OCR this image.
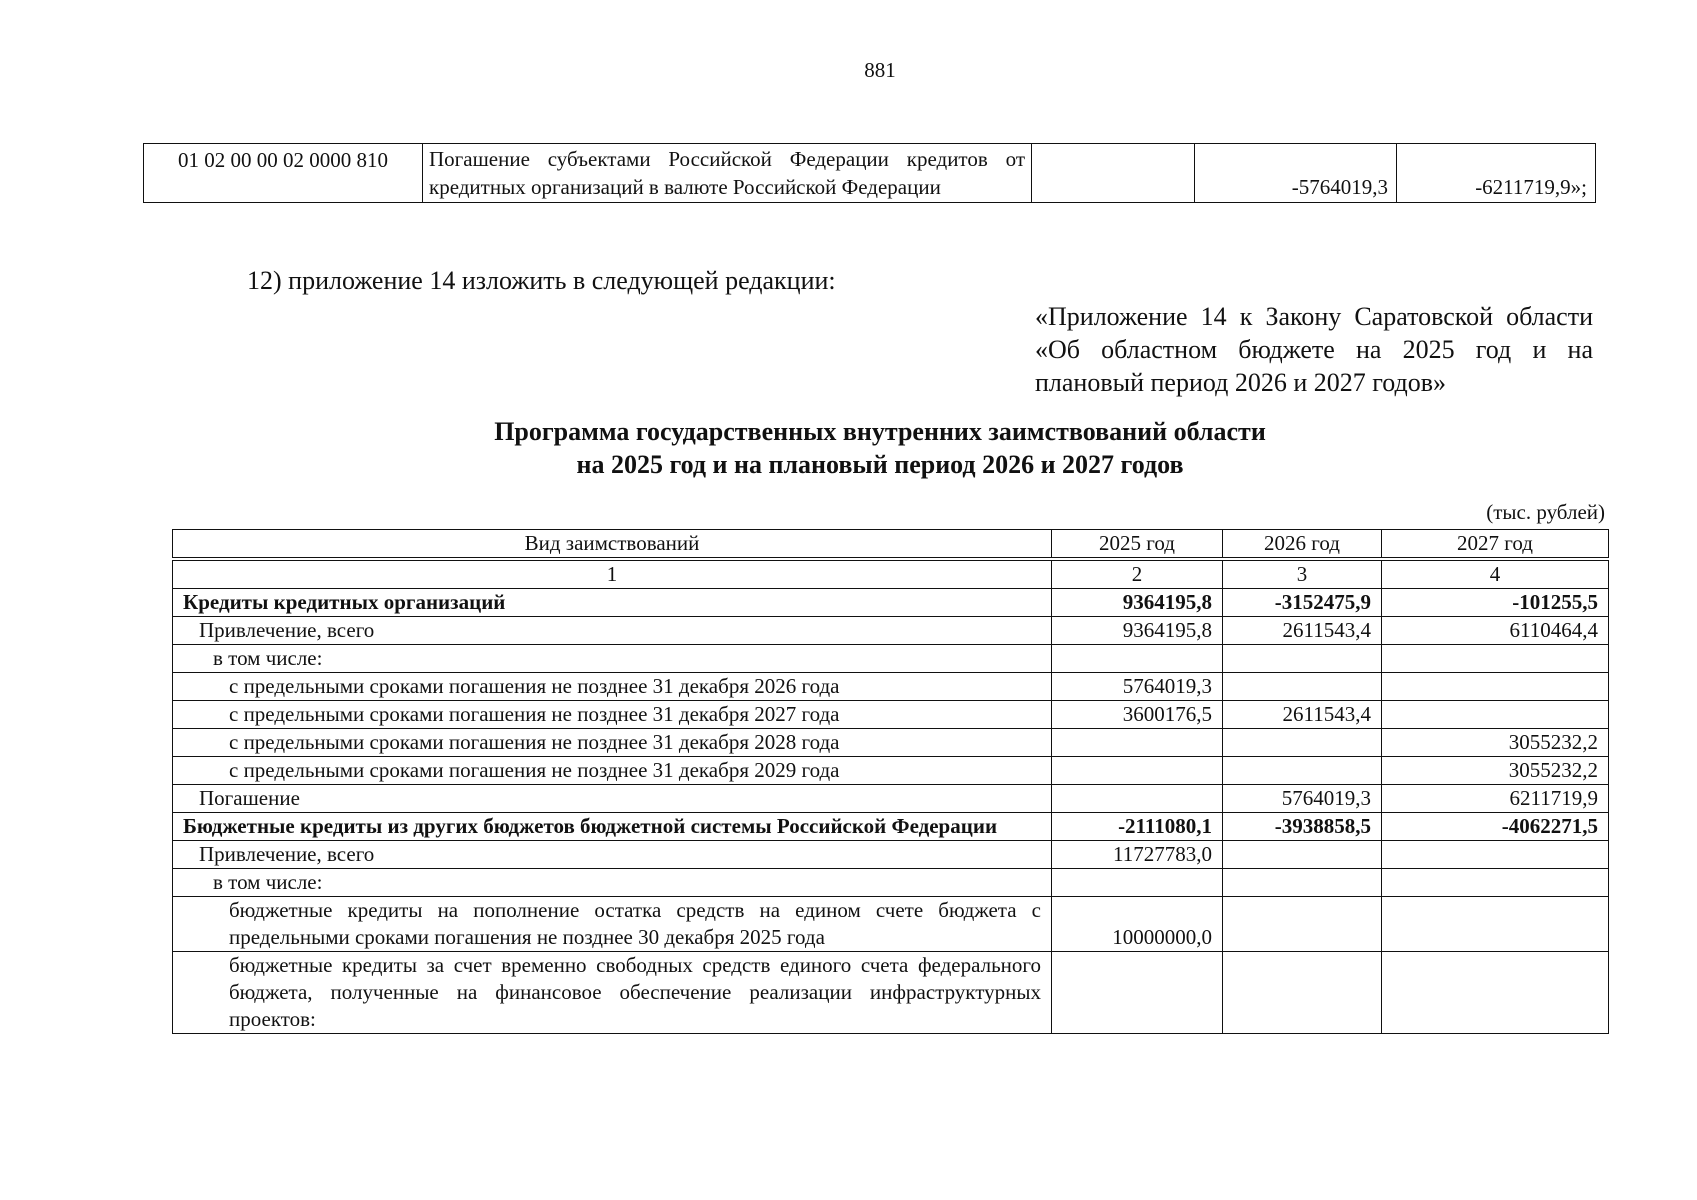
881
01 02 00 00 02 0000 810	Погашение субъектами Российской Федерации кредитов от кредитных организаций в валюте Российской Федерации		-5764019,3	-6211719,9»;
12) приложение 14 изложить в следующей редакции:
«Приложение 14 к Закону Саратовской области «Об областном бюджете на 2025 год и на плановый период 2026 и 2027 годов»
Программа государственных внутренних заимствований области
на 2025 год и на плановый период 2026 и 2027 годов
(тыс. рублей)
Вид заимствований	2025 год	2026 год	2027 год

1	2	3	4
Кредиты кредитных организаций	9364195,8	-3152475,9	-101255,5
Привлечение, всего	9364195,8	2611543,4	6110464,4
в том числе:			
с предельными сроками погашения не позднее 31 декабря 2026 года	5764019,3		
с предельными сроками погашения не позднее 31 декабря 2027 года	3600176,5	2611543,4	
с предельными сроками погашения не позднее 31 декабря 2028 года			3055232,2
с предельными сроками погашения не позднее 31 декабря 2029 года			3055232,2
Погашение		5764019,3	6211719,9
Бюджетные кредиты из других бюджетов бюджетной системы Российской Федерации	-2111080,1	-3938858,5	-4062271,5
Привлечение, всего	11727783,0		
в том числе:			
бюджетные кредиты на пополнение остатка средств на едином счете бюджета с предельными сроками погашения не позднее 30 декабря 2025 года	10000000,0		
бюджетные кредиты за счет временно свободных средств единого счета федерального бюджета, полученные на финансовое обеспечение реализации инфраструктурных проектов:			
